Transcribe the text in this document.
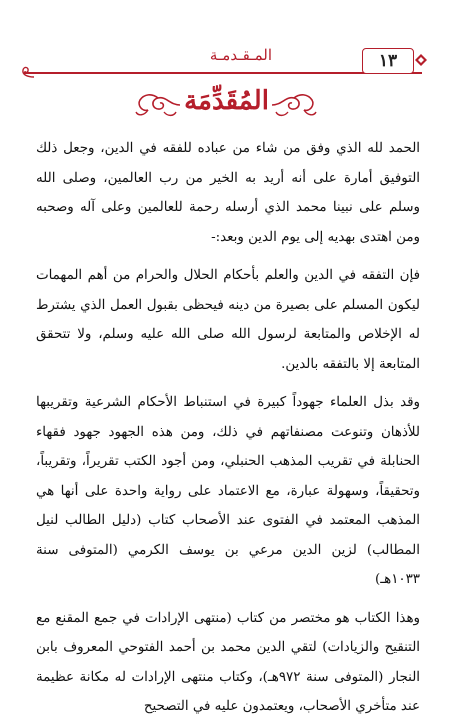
المـقـدمـة	١٣
المُقَدِّمَة

الحمد لله الذي وفق من شاء من عباده للفقه في الدين، وجعل ذلك التوفيق أمارة على أنه أريد به الخير من رب العالمين، وصلى الله وسلم على نبينا محمد الذي أرسله رحمة للعالمين وعلى آله وصحبه ومن اهتدى بهديه إلى يوم الدين وبعد:-

فإن التفقه في الدين والعلم بأحكام الحلال والحرام من أهم المهمات ليكون المسلم على بصيرة من دينه فيحظى بقبول العمل الذي يشترط له الإخلاص والمتابعة لرسول الله صلى الله عليه وسلم، ولا تتحقق المتابعة إلا بالتفقه بالدين.

وقد بذل العلماء جهوداً كبيرة في استنباط الأحكام الشرعية وتقريبها للأذهان وتنوعت مصنفاتهم في ذلك، ومن هذه الجهود جهود فقهاء الحنابلة في تقريب المذهب الحنبلي، ومن أجود الكتب تقريراً، وتقريباً، وتحقيقاً، وسهولة عبارة، مع الاعتماد على رواية واحدة على أنها هي المذهب المعتمد في الفتوى عند الأصحاب كتاب (دليل الطالب لنيل المطالب) لزين الدين مرعي بن يوسف الكرمي (المتوفى سنة ١٠٣٣هـ)

وهذا الكتاب هو مختصر من كتاب (منتهى الإرادات في جمع المقنع مع التنقيح والزيادات) لتقي الدين محمد بن أحمد الفتوحي المعروف بابن النجار (المتوفى سنة ٩٧٢هـ)، وكتاب منتهى الإرادات له مكانة عظيمة عند متأخري الأصحاب، ويعتمدون عليه في التصحيح
